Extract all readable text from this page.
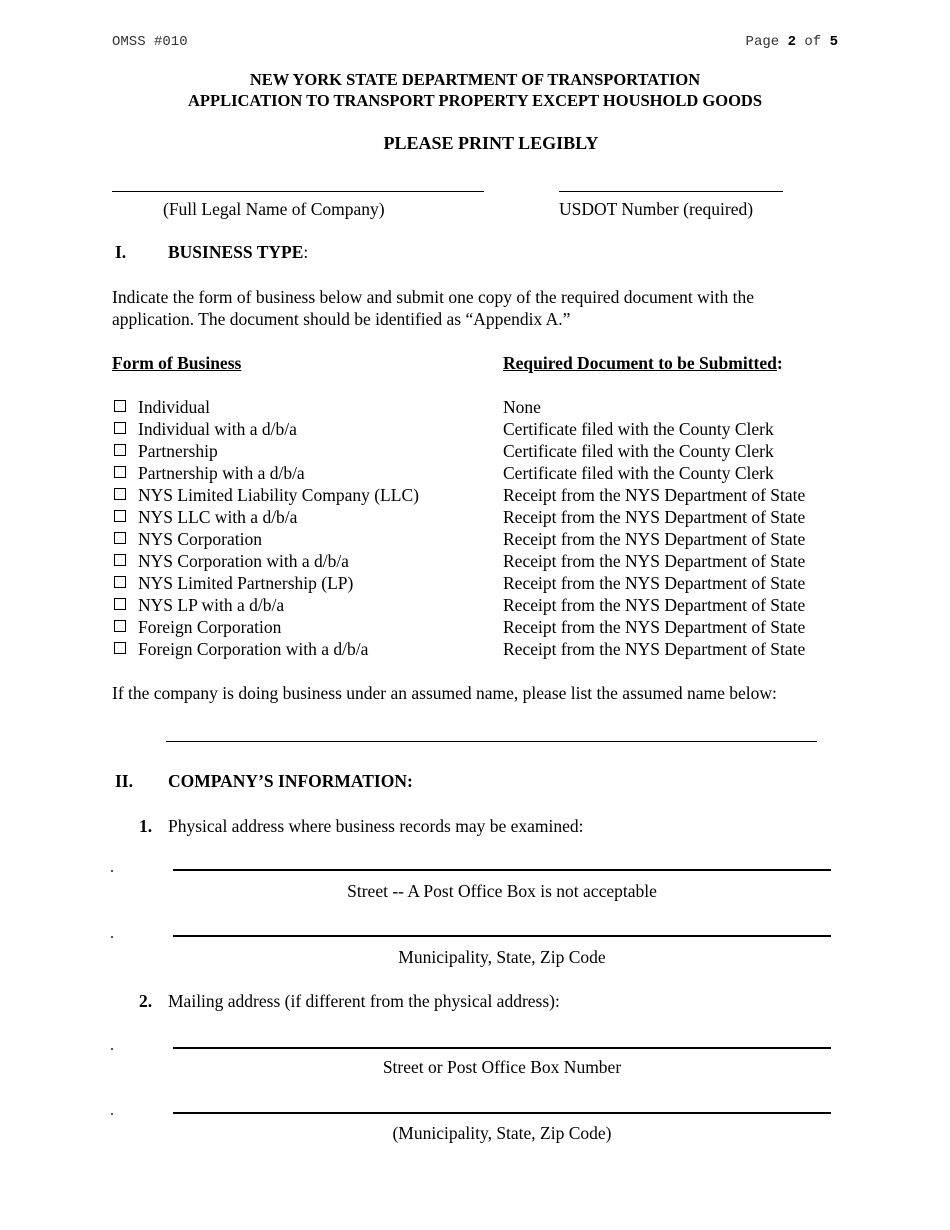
OMSS #010	Page 2 of 5
NEW YORK STATE DEPARTMENT OF TRANSPORTATION
APPLICATION TO TRANSPORT PROPERTY EXCEPT HOUSHOLD GOODS
PLEASE PRINT LEGIBLY
(Full Legal Name of Company)	USDOT Number (required)
I. BUSINESS TYPE:
Indicate the form of business below and submit one copy of the required document with the
application. The document should be identified as “Appendix A.”
Form of Business	Required Document to be Submitted:
Individual	None
Individual with a d/b/a	Certificate filed with the County Clerk
Partnership	Certificate filed with the County Clerk
Partnership with a d/b/a	Certificate filed with the County Clerk
NYS Limited Liability Company (LLC)	Receipt from the NYS Department of State
NYS LLC with a d/b/a	Receipt from the NYS Department of State
NYS Corporation	Receipt from the NYS Department of State
NYS Corporation with a d/b/a	Receipt from the NYS Department of State
NYS Limited Partnership (LP)	Receipt from the NYS Department of State
NYS LP with a d/b/a	Receipt from the NYS Department of State
Foreign Corporation	Receipt from the NYS Department of State
Foreign Corporation with a d/b/a	Receipt from the NYS Department of State
If the company is doing business under an assumed name, please list the assumed name below:
II. COMPANY’S INFORMATION:
1. Physical address where business records may be examined:
Street -- A Post Office Box is not acceptable
Municipality, State, Zip Code
2. Mailing address (if different from the physical address):
Street or Post Office Box Number
(Municipality, State, Zip Code)
